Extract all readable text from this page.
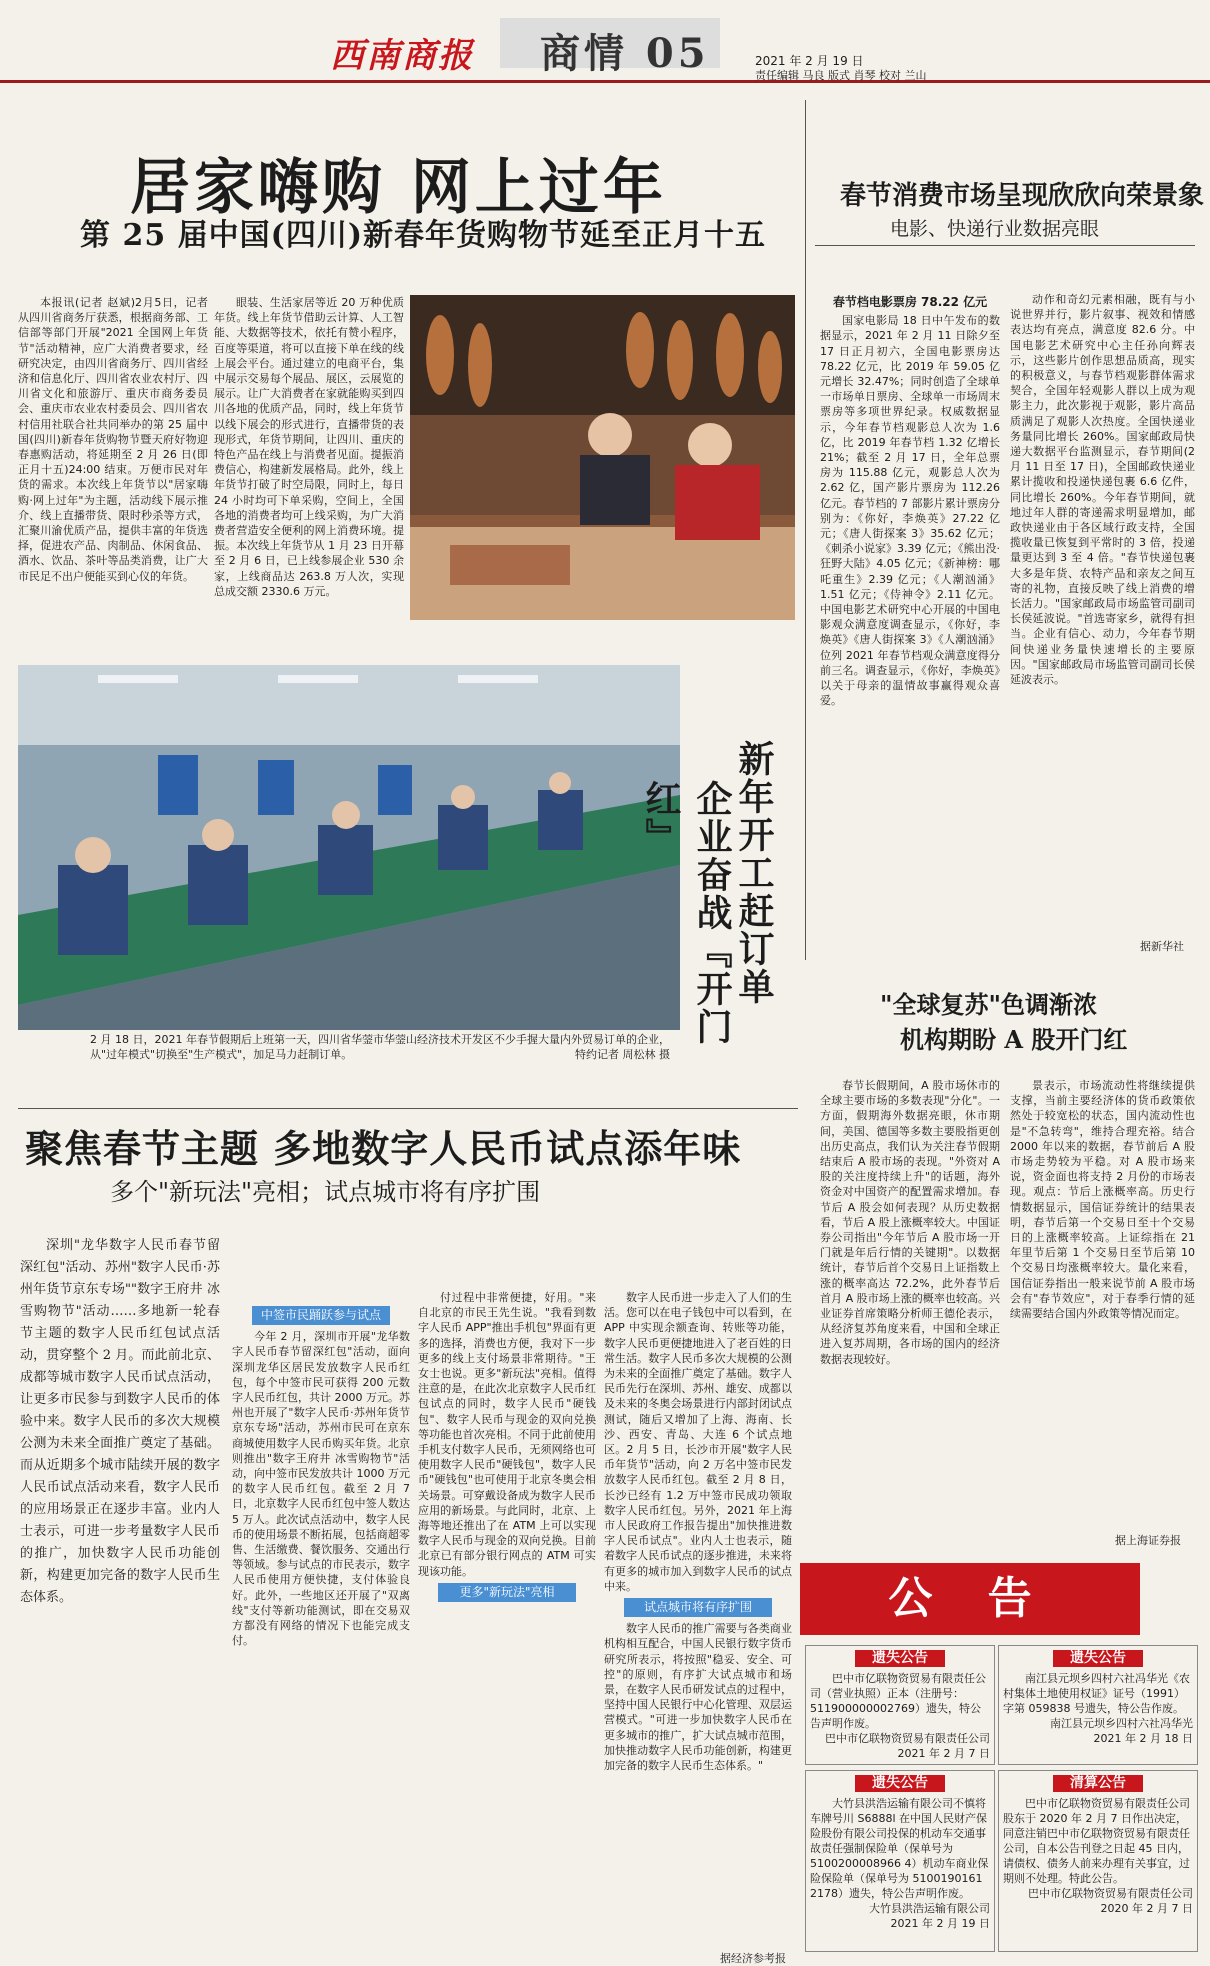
西南商报 商情 05	2021 年 2 月 19 日
责任编辑 马良 版式 肖琴 校对 兰山
居家嗨购 网上过年
第 25 届中国(四川)新春年货购物节延至正月十五

本报讯(记者 赵斌)2月5日，记者从四川省商务厅获悉，根据商务部、工信部等部门开展"2021 全国网上年货节"活动精神，应广大消费者要求，经研究决定，由四川省商务厅、四川省经济和信息化厅、四川省农业农村厅、四川省文化和旅游厅、重庆市商务委员会、重庆市农业农村委员会、四川省农村信用社联合社共同举办的第 25 届中国(四川)新春年货购物节暨天府好物迎春惠购活动，将延期至 2 月 26 日(即正月十五)24:00 结束。万便市民对年货的需求。本次线上年货节以"居家嗨购·网上过年"为主题，活动线下展示推介、线上直播带货、限时秒杀等方式，汇聚川渝优质产品，提供丰富的年货选择，促进农产品、肉制品、休闲食品、酒水、饮品、茶叶等品类消费，让广大市民足不出户便能买到心仪的年货。

眼装、生活家居等近 20 万种优质年货。线上年货节借助云计算、人工智能、大数据等技术，依托有赞小程序，百度等渠道，将可以直接下单在线的线上展会平台。通过建立的电商平台，集中展示交易每个展品、展区，云展览的展示。让广大消费者在家就能购买到四川各地的优质产品，同时，线上年货节以线下展会的形式进行，直播带货的表现形式，年货节期间，让四川、重庆的特色产品在线上与消费者见面。提振消费信心，构建新发展格局。此外，线上年货节打破了时空局限，同时上，每日 24 小时均可下单采购，空间上，全国各地的消费者均可上线采购，为广大消费者营造安全便利的网上消费环境。提振。本次线上年货节从 1 月 23 日开幕至 2 月 6 日，已上线参展企业 530 余家，上线商品达 263.8 万人次，实现总成交额 2330.6 万元。

春节消费市场呈现欣欣向荣景象
电影、快递行业数据亮眼
春节档电影票房 78.22 亿元

国家电影局 18 日中午发布的数据显示，2021 年 2 月 11 日除夕至 17 日正月初六，全国电影票房达 78.22 亿元，比 2019 年 59.05 亿元增长 32.47%；同时创造了全球单一市场单日票房、全球单一市场周末票房等多项世界纪录。权威数据显示，今年春节档观影总人次为 1.6 亿，比 2019 年春节档 1.32 亿增长 21%；截至 2 月 17 日，全年总票房为 115.88 亿元，观影总人次为 2.62 亿，国产影片票房为 112.26 亿元。春节档的 7 部影片累计票房分别为：《你好，李焕英》27.22 亿元；《唐人街探案 3》35.62 亿元；《刺杀小说家》3.39 亿元；《熊出没·狂野大陆》4.05 亿元；《新神榜：哪吒重生》2.39 亿元；《人潮汹涌》1.51 亿元；《侍神令》2.11 亿元。中国电影艺术研究中心开展的中国电影观众满意度调查显示，《你好，李焕英》《唐人街探案 3》《人潮汹涌》位列 2021 年春节档观众满意度得分前三名。调查显示，《你好，李焕英》以关于母亲的温情故事赢得观众喜爱。

动作和奇幻元素相融，既有与小说世界并行，影片叙事、视效和情感表达均有亮点，满意度 82.6 分。中国电影艺术研究中心主任孙向辉表示，这些影片创作思想品质高，现实的积极意义，与春节档观影群体需求契合，全国年轻观影人群以上成为观影主力，此次影视于观影，影片高品质满足了观影人次热度。全国快递业务量同比增长 260%。国家邮政局快递大数据平台监测显示，春节期间(2 月 11 日至 17 日)，全国邮政快递业累计揽收和投递快递包裹 6.6 亿件，同比增长 260%。今年春节期间，就地过年人群的寄递需求明显增加，邮政快递业由于各区域行政支持，全国揽收量已恢复到平常时的 3 倍，投递量更达到 3 至 4 倍。"春节快递包裹大多是年货、农特产品和亲友之间互寄的礼物，直接反映了线上消费的增长活力。"国家邮政局市场监管司副司长侯延波说。"首选寄家乡，就得有担当。企业有信心、动力，今年春节期间快递业务量快速增长的主要原因。"国家邮政局市场监管司副司长侯延波表示。

据新华社
新年开工赶订单
企业奋战『开门红』
2 月 18 日，2021 年春节假期后上班第一天，四川省华蓥市华蓥山经济技术开发区不少手握大量内外贸易订单的企业，从"过年模式"切换至"生产模式"，加足马力赶制订单。	特约记者 周松林 摄
"全球复苏"色调渐浓
机构期盼 A 股开门红

春节长假期间，A 股市场休市的全球主要市场的多数表现"分化"。一方面，假期海外数据亮眼，休市期间，美国、德国等多数主要股指更创出历史高点，我们认为关注春节假期结束后 A 股市场的表现。"外资对 A 股的关注度持续上升"的话题，海外资金对中国资产的配置需求增加。春节后 A 股会如何表现？从历史数据看，节后 A 股上涨概率较大。中国证券公司指出"今年节后 A 股市场一开门就是年后行情的关键期"。以数据统计，春节后首个交易日上证指数上涨的概率高达 72.2%，此外春节后首月 A 股市场上涨的概率也较高。兴业证券首席策略分析师王德伦表示，从经济复苏角度来看，中国和全球正进入复苏周期，各市场的国内的经济数据表现较好。

景表示，市场流动性将继续提供支撑，当前主要经济体的货币政策依然处于较宽松的状态，国内流动性也是"不急转弯"，维持合理充裕。结合 2000 年以来的数据，春节前后 A 股市场走势较为平稳。对 A 股市场来说，资金面也将支持 2 月份的市场表现。观点：节后上涨概率高。历史行情数据显示，国信证券统计的结果表明，春节后第一个交易日至十个交易日的上涨概率较高。上证综指在 21 年里节后第 1 个交易日至节后第 10 个交易日均涨概率较大。量化来看，国信证券指出一般来说节前 A 股市场会有"春节效应"，对于春季行情的延续需要结合国内外政策等情况而定。

据上海证券报
聚焦春节主题 多地数字人民币试点添年味
多个"新玩法"亮相；试点城市将有序扩围

深圳"龙华数字人民币春节留深红包"活动、苏州"数字人民币·苏州年货节京东专场""数字王府井 冰雪购物节"活动……多地新一轮春节主题的数字人民币红包试点活动，贯穿整个 2 月。而此前北京、成都等城市数字人民币试点活动，让更多市民参与到数字人民币的体验中来。数字人民币的多次大规模公测为未来全面推广奠定了基础。而从近期多个城市陆续开展的数字人民币试点活动来看，数字人民币的应用场景正在逐步丰富。业内人士表示，可进一步考量数字人民币的推广，加快数字人民币功能创新，构建更加完备的数字人民币生态体系。

中签市民踊跃参与试点

今年 2 月，深圳市开展"龙华数字人民币春节留深红包"活动，面向深圳龙华区居民发放数字人民币红包，每个中签市民可获得 200 元数字人民币红包，共计 2000 万元。苏州也开展了"数字人民币·苏州年货节京东专场"活动，苏州市民可在京东商城使用数字人民币购买年货。北京则推出"数字王府井 冰雪购物节"活动，向中签市民发放共计 1000 万元的数字人民币红包。截至 2 月 7 日，北京数字人民币红包中签人数达 5 万人。此次试点活动中，数字人民币的使用场景不断拓展，包括商超零售、生活缴费、餐饮服务、交通出行等领域。参与试点的市民表示，数字人民币使用方便快捷，支付体验良好。此外，一些地区还开展了"双离线"支付等新功能测试，即在交易双方都没有网络的情况下也能完成支付。

付过程中非常便捷，好用。"来自北京的市民王先生说。"我看到数字人民币 APP"推出手机包"界面有更多的选择，消费也方便，我对下一步更多的线上支付场景非常期待。"王女士也说。更多"新玩法"亮相。值得注意的是，在此次北京数字人民币红包试点的同时，数字人民币"硬钱包"、数字人民币与现金的双向兑换等功能也首次亮相。不同于此前使用手机支付数字人民币，无须网络也可使用数字人民币"硬钱包"，数字人民币"硬钱包"也可使用于北京冬奥会相关场景。可穿戴设备成为数字人民币应用的新场景。与此同时，北京、上海等地还推出了在 ATM 上可以实现数字人民币与现金的双向兑换。目前北京已有部分银行网点的 ATM 可实现该功能。

更多"新玩法"亮相

数字人民币进一步走入了人们的生活。您可以在电子钱包中可以看到，在 APP 中实现余额查询、转账等功能，数字人民币更便捷地进入了老百姓的日常生活。数字人民币多次大规模的公测为未来的全面推广奠定了基础。数字人民币先行在深圳、苏州、雄安、成都以及未来的冬奥会场景进行内部封闭试点测试，随后又增加了上海、海南、长沙、西安、青岛、大连 6 个试点地区。2 月 5 日，长沙市开展"数字人民币年货节"活动，向 2 万名中签市民发放数字人民币红包。截至 2 月 8 日，长沙已经有 1.2 万中签市民成功领取数字人民币红包。另外，2021 年上海市人民政府工作报告提出"加快推进数字人民币试点"。业内人士也表示，随着数字人民币试点的逐步推进，未来将有更多的城市加入到数字人民币的试点中来。

试点城市将有序扩围

数字人民币的推广需要与各类商业机构相互配合，中国人民银行数字货币研究所表示，将按照"稳妥、安全、可控"的原则，有序扩大试点城市和场景，在数字人民币研发试点的过程中，坚持中国人民银行中心化管理、双层运营模式。"可进一步加快数字人民币在更多城市的推广，扩大试点城市范围，加快推动数字人民币功能创新，构建更加完备的数字人民币生态体系。"

据经济参考报
公 告
遗失公告

巴中市亿联物资贸易有限责任公司（营业执照）正本（注册号：511900000002769）遗失，特公告声明作废。

巴中市亿联物资贸易有限责任公司

2021 年 2 月 7 日

遗失公告

大竹县洪浩运输有限公司不慎将车牌号川 S6888l 在中国人民财产保险股份有限公司投保的机动车交通事故责任强制保险单（保单号为 5100200008966 4）机动车商业保险保险单（保单号为 5100190161 2178）遗失，特公告声明作废。

大竹县洪浩运输有限公司

2021 年 2 月 19 日

遗失公告

南江县元坝乡四村六社冯华光《农村集体土地使用权证》证号（1991）字第 059838 号遗失，特公告作废。

南江县元坝乡四村六社冯华光

2021 年 2 月 18 日

清算公告

巴中市亿联物资贸易有限责任公司股东于 2020 年 2 月 7 日作出决定，同意注销巴中市亿联物资贸易有限责任公司，自本公告刊登之日起 45 日内，请债权、债务人前来办理有关事宜，过期则不处理。特此公告。

巴中市亿联物资贸易有限责任公司

2020 年 2 月 7 日
